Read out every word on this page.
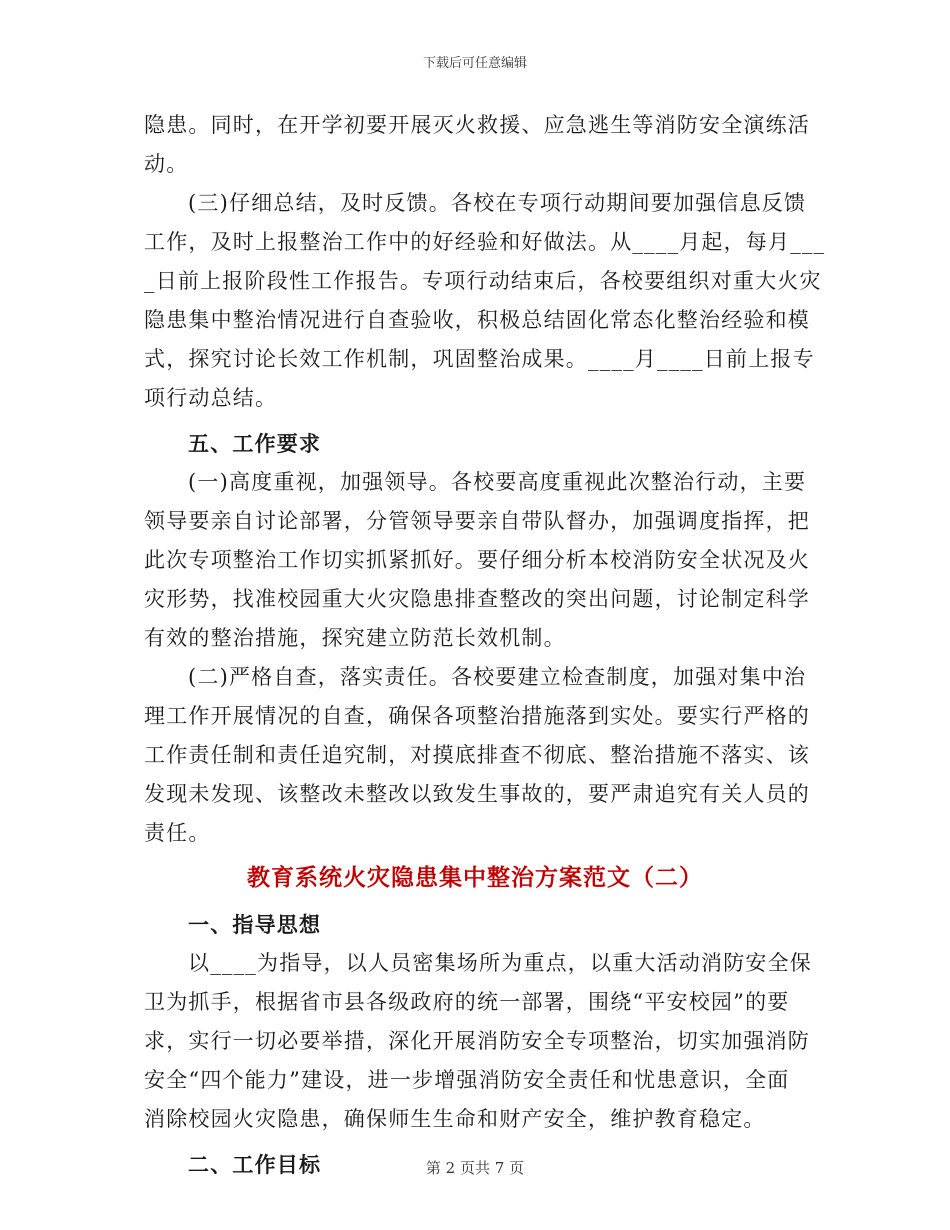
下载后可任意编辑
隐患。同时，在开学初要开展灭火救援、应急逃生等消防安全演练活
动。
(三)仔细总结，及时反馈。各校在专项行动期间要加强信息反馈
工作，及时上报整治工作中的好经验和好做法。从____月起，每月___
_日前上报阶段性工作报告。专项行动结束后，各校要组织对重大火灾
隐患集中整治情况进行自查验收，积极总结固化常态化整治经验和模
式，探究讨论长效工作机制，巩固整治成果。____月____日前上报专
项行动总结。
五、工作要求
(一)高度重视，加强领导。各校要高度重视此次整治行动，主要
领导要亲自讨论部署，分管领导要亲自带队督办，加强调度指挥，把
此次专项整治工作切实抓紧抓好。要仔细分析本校消防安全状况及火
灾形势，找准校园重大火灾隐患排查整改的突出问题，讨论制定科学
有效的整治措施，探究建立防范长效机制。
(二)严格自查，落实责任。各校要建立检查制度，加强对集中治
理工作开展情况的自查，确保各项整治措施落到实处。要实行严格的
工作责任制和责任追究制，对摸底排查不彻底、整治措施不落实、该
发现未发现、该整改未整改以致发生事故的，要严肃追究有关人员的
责任。
教育系统火灾隐患集中整治方案范文（二）
一、指导思想
以____为指导，以人员密集场所为重点，以重大活动消防安全保
卫为抓手，根据省市县各级政府的统一部署，围绕“平安校园”的要
求，实行一切必要举措，深化开展消防安全专项整治，切实加强消防
安全“四个能力”建设，进一步增强消防安全责任和忧患意识，全面
消除校园火灾隐患，确保师生生命和财产安全，维护教育稳定。
二、工作目标	第 2 页共 7 页
